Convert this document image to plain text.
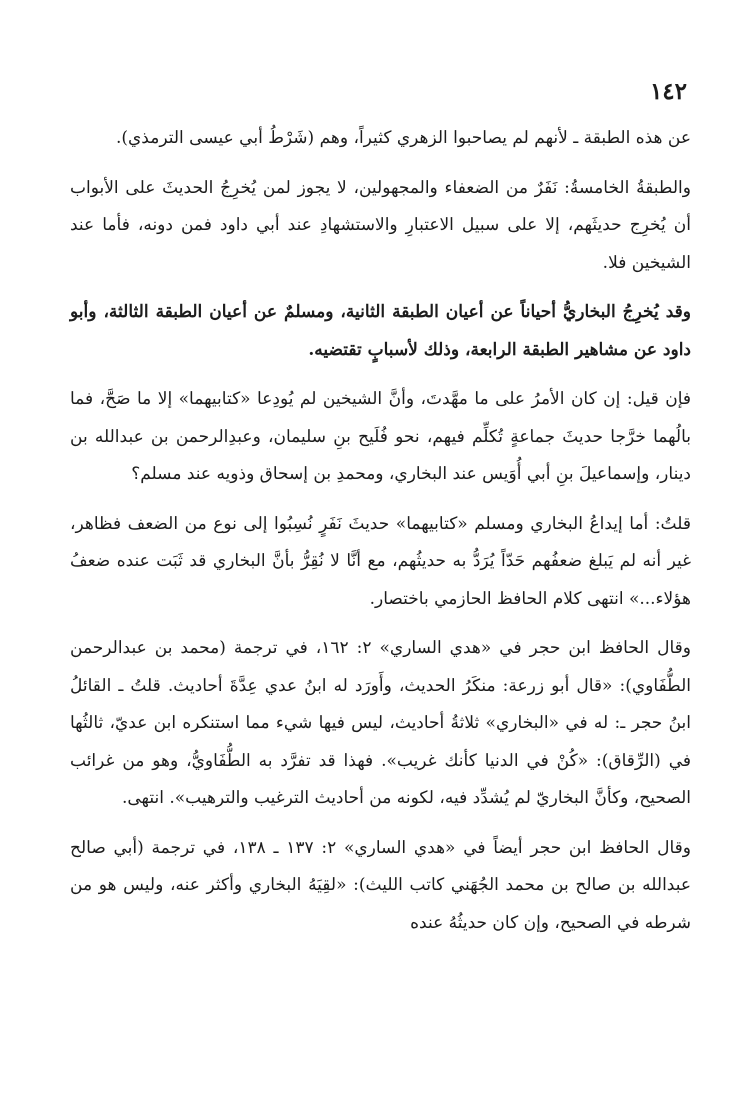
١٤٢

عن هذه الطبقة ـ لأنهم لم يصاحبوا الزهري كثيراً، وهم (شَرْطُ أبي عيسى الترمذي).

والطبقةُ الخامسةُ: نَفَرٌ من الضعفاء والمجهولين، لا يجوز لمن يُخرِجُ الحديثَ على الأبواب أن يُخرِج حديثَهم، إلا على سبيل الاعتبارِ والاستشهادِ عند أبي داود فمن دونه، فأما عند الشيخين فلا.

وقد يُخرِجُ البخاريُّ أحياناً عن أعيان الطبقة الثانية، ومسلمٌ عن أعيان الطبقة الثالثة، وأبو داود عن مشاهير الطبقة الرابعة، وذلك لأسبابٍ تقتضيه.

فإن قيل: إن كان الأمرُ على ما مهَّدتَ، وأنَّ الشيخين لم يُودِعا «كتابيهما» إلا ما صَحَّ، فما بالُهما خرَّجا حديثَ جماعةٍ تُكلِّم فيهم، نحو فُلَيح بنِ سليمان، وعبدِالرحمن بن عبدالله بن دينار، وإسماعيلَ بنِ أبي أُوَيس عند البخاري، ومحمدِ بن إسحاق وذويه عند مسلم؟

قلتُ: أما إيداعُ البخاري ومسلم «كتابيهما» حديثَ نَفَرٍ نُسِبُوا إلى نوع من الضعف فظاهر، غير أنه لم يَبلغ ضعفُهم حَدّاً يُرَدُّ به حديثُهم، مع أنَّا لا نُقِرُّ بأنَّ البخاري قد ثَبَت عنده ضعفُ هؤلاء...» انتهى كلام الحافظ الحازمي باختصار.

وقال الحافظ ابن حجر في «هدي الساري» ٢: ١٦٢، في ترجمة (محمد بن عبدالرحمن الطُّفَاوي): «قال أبو زرعة: منكَرُ الحديث، وأَورَد له ابنُ عدي عِدَّةَ أحاديث. قلتُ ـ القائلُ ابنُ حجر ـ: له في «البخاري» ثلاثةُ أحاديث، ليس فيها شيء مما استنكره ابن عديّ، ثالثُها في (الرِّقاق): «كُنْ في الدنيا كأنك غريب». فهذا قد تفرَّد به الطُّفَاويُّ، وهو من غرائب الصحيح، وكأنَّ البخاريّ لم يُشدِّد فيه، لكونه من أحاديث الترغيب والترهيب». انتهى.

وقال الحافظ ابن حجر أيضاً في «هدي الساري» ٢: ١٣٧ ـ ١٣٨، في ترجمة (أبي صالح عبدالله بن صالح بن محمد الجُهَني كاتب الليث): «لقِيَهُ البخاري وأكثر عنه، وليس هو من شرطه في الصحيح، وإن كان حديثُهُ عنده
